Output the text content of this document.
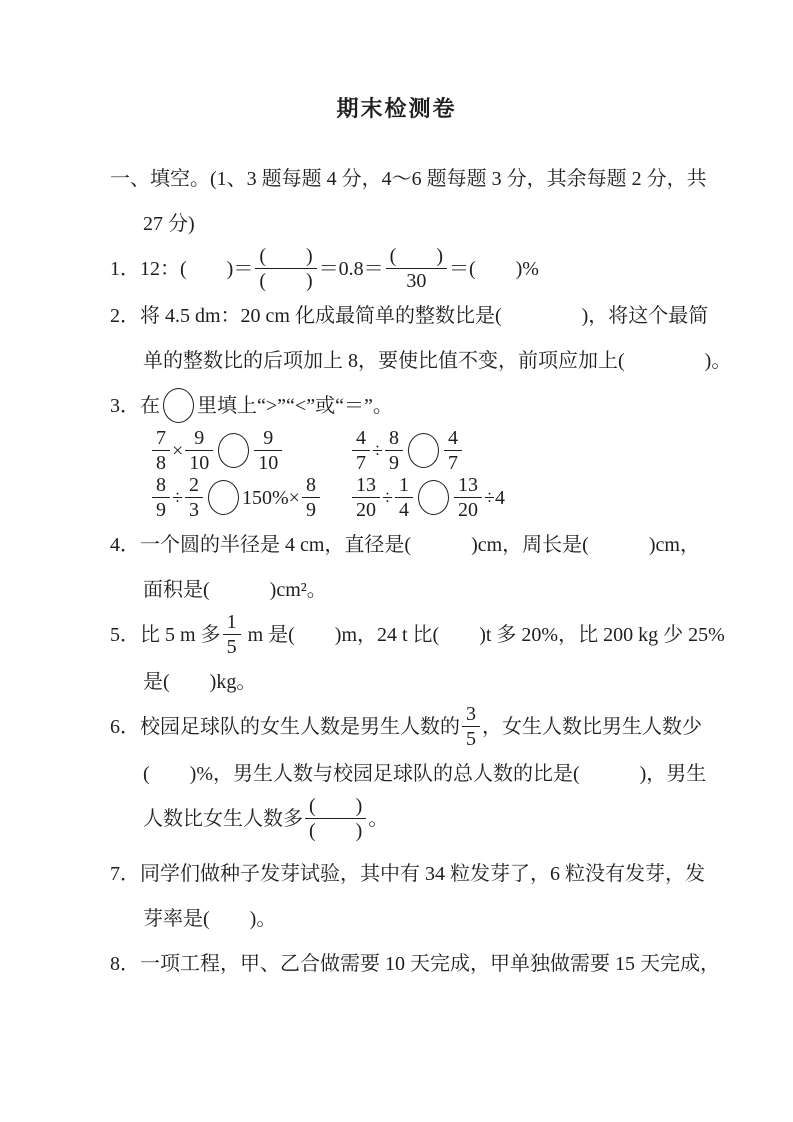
期末检测卷
一、填空。(1、3 题每题 4 分，4～6 题每题 3 分，其余每题 2 分，共
27 分)
1．12：(　　)＝ $\frac{( )}{( )} =0.8= \frac{( )}{30}$ ＝(　　)%
2．将 4.5 dm：20 cm 化成最简单的整数比是(　　　　)，将这个最简
单的整数比的后项加上 8，要使比值不变，前项应加上(　　　　)。
3．在 里填上“>”“<”或“＝”。
$\frac{7}{8} \times \frac{9}{10} \frac{9}{10}$	$\frac{4}{7} \div \frac{8}{9} \frac{4}{7}$
$\frac{8}{9} \div \frac{2}{3} 150\%\times \frac{8}{9} \frac{13}{20} \div \frac{1}{4} \frac{13}{20} \div 4$
4．一个圆的半径是 4 cm，直径是(　　　)cm，周长是(　　　)cm，
面积是(　　　)cm²。
5．比 5 m 多 $\frac{1}{5}$ m 是(　　)m，24 t 比(　　)t 多 20%，比 200 kg 少 25%
是(　　)kg。
6．校园足球队的女生人数是男生人数的 $\frac{3}{5}$ ，女生人数比男生人数少
(　　)%，男生人数与校园足球队的总人数的比是(　　　)，男生
人数比女生人数多 $\frac{( )}{( )}$ 。
7．同学们做种子发芽试验，其中有 34 粒发芽了，6 粒没有发芽，发
芽率是(　　)。
8．一项工程，甲、乙合做需要 10 天完成，甲单独做需要 15 天完成，
